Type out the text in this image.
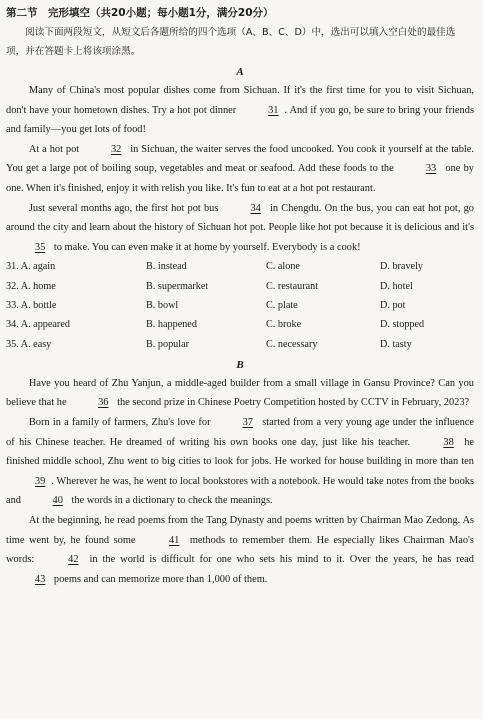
第二节　完形填空（共20小题；每小题1分，满分20分）
阅读下面两段短文，从短文后各题所给的四个选项（A、B、C、D）中，选出可以填入空白处的最佳选项，并在答题卡上将该项涂黑。
A

Many of China's most popular dishes come from Sichuan. If it's the first time for you to visit Sichuan, don't have your hometown dishes. Try a hot pot dinner	31 . And if you go, be sure to bring your friends and family—you get lots of food!

At a hot pot	32 in Sichuan, the waiter serves the food uncooked. You cook it yourself at the table. You get a large pot of boiling soup, vegetables and meat or seafood. Add these foods to the	33 one by one. When it's finished, enjoy it with relish you like. It's fun to eat at a hot pot restaurant.

Just several months ago, the first hot pot bus	34 in Chengdu. On the bus, you can eat hot pot, go around the city and learn about the history of Sichuan hot pot. People like hot pot because it is delicious and it's 35 to make. You can even make it at home by yourself. Everybody is a cook!

31. A. again	B. instead	C. alone	D. bravely
32. A. home	B. supermarket	C. restaurant	D. hotel
33. A. bottle	B. bowl	C. plate	D. pot
34. A. appeared	B. happened	C. broke	D. stopped
35. A. easy	B. popular	C. necessary	D. tasty
B

Have you heard of Zhu Yanjun, a middle-aged builder from a small village in Gansu Province? Can you believe that he	36 the second prize in Chinese Poetry Competition hosted by CCTV in February, 2023?

Born in a family of farmers, Zhu's love for	37 started from a very young age under the influence of his Chinese teacher. He dreamed of writing his own books one day, just like his teacher.	38 he finished middle school, Zhu went to big cities to look for jobs. He worked for house building in more than ten 39 . Wherever he was, he went to local bookstores with a notebook. He would take notes from the books and	40 the words in a dictionary to check the meanings.

At the beginning, he read poems from the Tang Dynasty and poems written by Chairman Mao Zedong. As time went by, he found some	41 methods to remember them. He especially likes Chairman Mao's words:	42 in the world is difficult for one who sets his mind to it. Over the years, he has read 43 poems and can memorize more than 1,000 of them.
